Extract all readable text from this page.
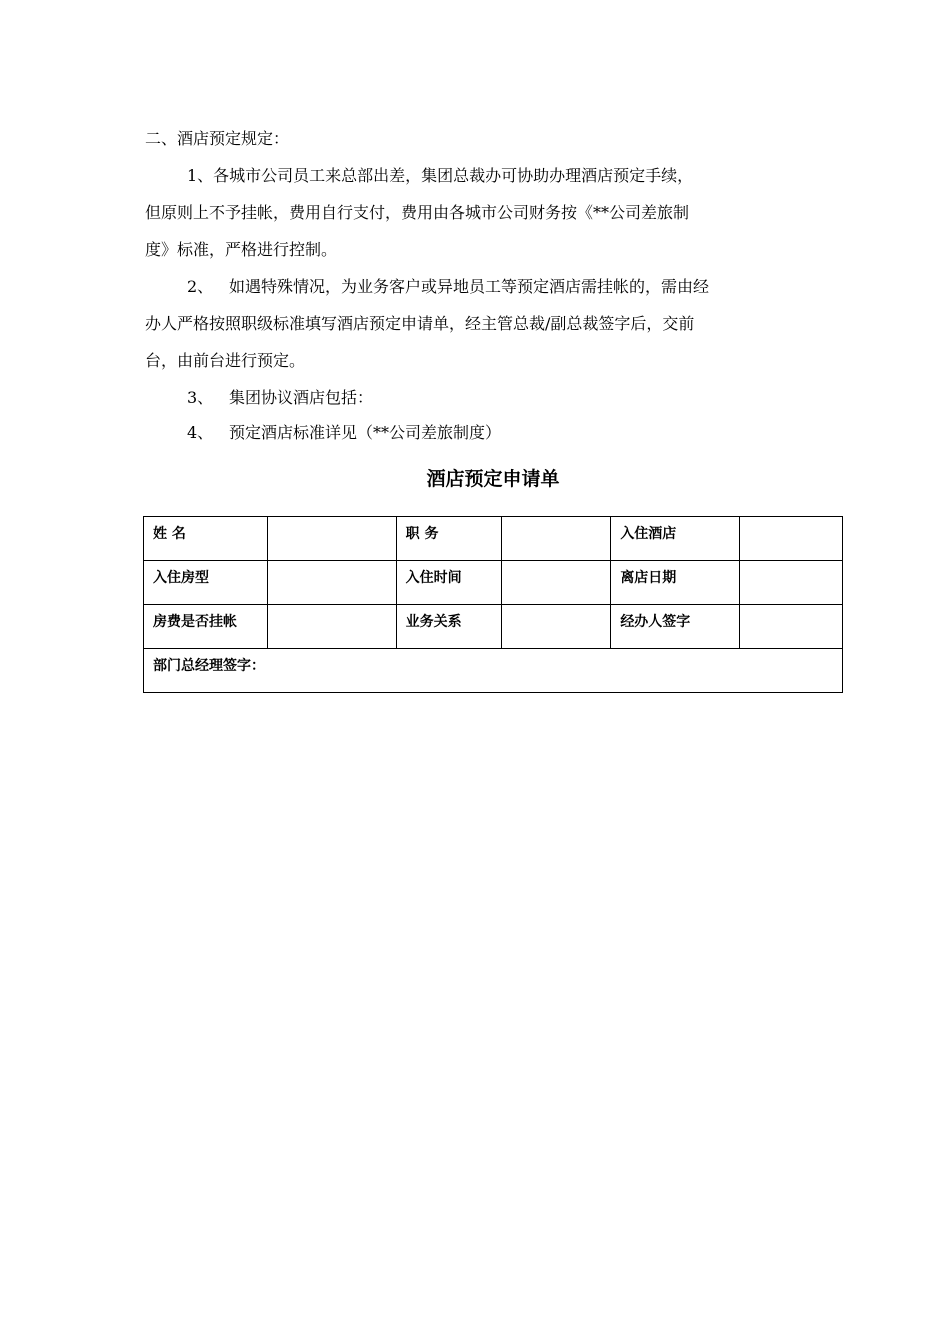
二、酒店预定规定：
1、各城市公司员工来总部出差，集团总裁办可协助办理酒店预定手续，
但原则上不予挂帐，费用自行支付，费用由各城市公司财务按《**公司差旅制
度》标准，严格进行控制。
2、 如遇特殊情况，为业务客户或异地员工等预定酒店需挂帐的，需由经
办人严格按照职级标准填写酒店预定申请单，经主管总裁/副总裁签字后，交前
台，由前台进行预定。
3、 集团协议酒店包括：
4、 预定酒店标准详见（**公司差旅制度）
酒店预定申请单
姓 名		职 务		入住酒店	
入住房型		入住时间		离店日期	
房费是否挂帐		业务关系		经办人签字	
部门总经理签字：					
